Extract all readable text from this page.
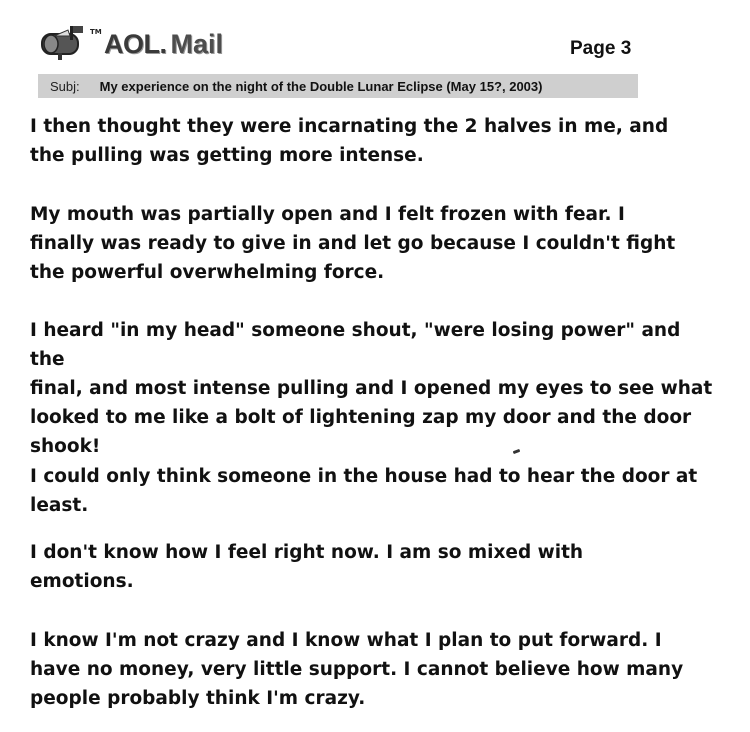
TM AOL. Mail	Page 3
Subj: My experience on the night of the Double Lunar Eclipse (May 15?, 2003)
I then thought they were incarnating the 2 halves in me, and
the pulling was getting more intense.
My mouth was partially open and I felt frozen with fear. I
finally was ready to give in and let go because I couldn't fight
the powerful overwhelming force.
I heard "in my head" someone shout, "were losing power" and the
final, and most intense pulling and I opened my eyes to see what
looked to me like a bolt of lightening zap my door and the door
shook!
I could only think someone in the house had to hear the door at
least.
I don't know how I feel right now. I am so mixed with
emotions.
I know I'm not crazy and I know what I plan to put forward. I
have no money, very little support. I cannot believe how many
people probably think I'm crazy.
